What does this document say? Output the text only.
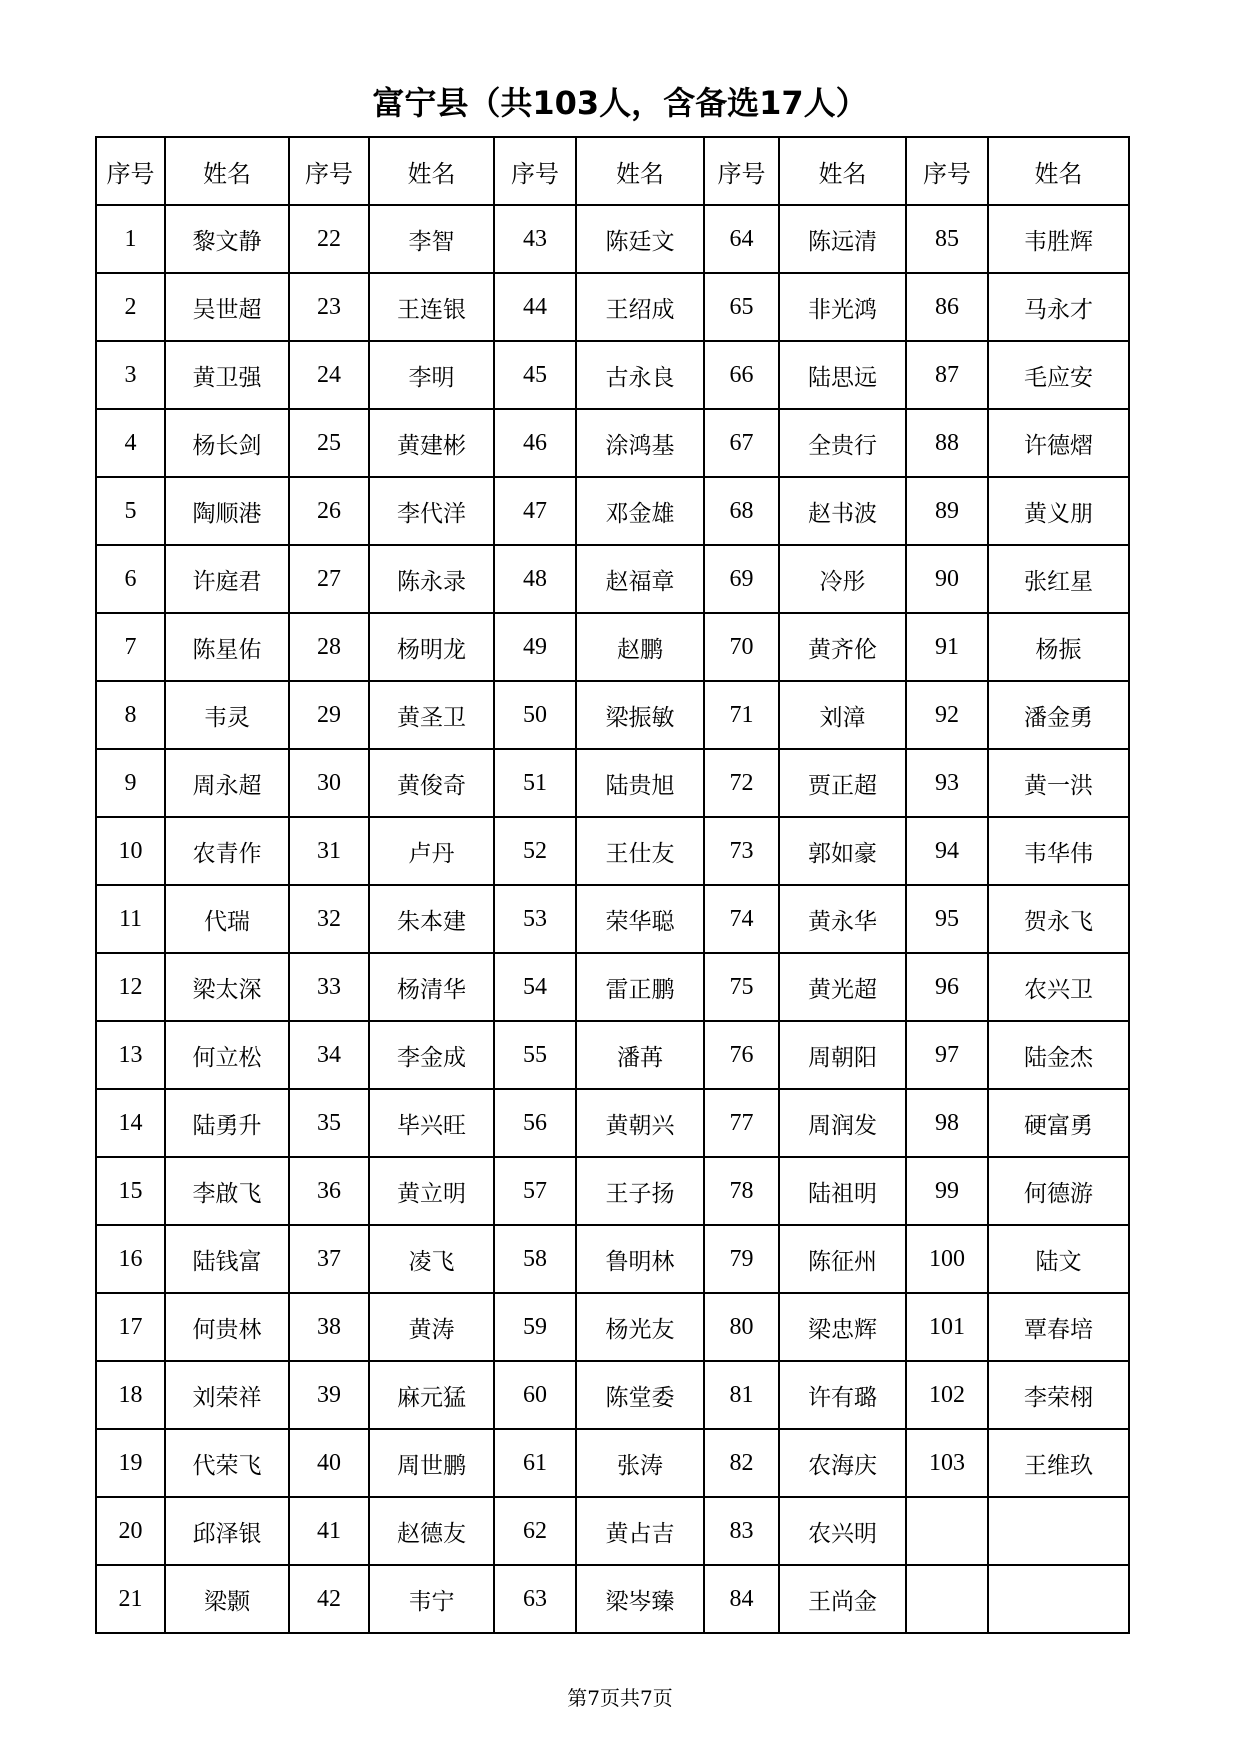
富宁县（共103人，含备选17人）
序号	姓名	序号	姓名	序号	姓名	序号	姓名	序号	姓名
1	黎文静	22	李智	43	陈廷文	64	陈远清	85	韦胜辉
2	吴世超	23	王连银	44	王绍成	65	非光鸿	86	马永才
3	黄卫强	24	李明	45	古永良	66	陆思远	87	毛应安
4	杨长剑	25	黄建彬	46	涂鸿基	67	全贵行	88	许德熠
5	陶顺港	26	李代洋	47	邓金雄	68	赵书波	89	黄义朋
6	许庭君	27	陈永录	48	赵福章	69	冷彤	90	张红星
7	陈星佑	28	杨明龙	49	赵鹏	70	黄齐伦	91	杨振
8	韦灵	29	黄圣卫	50	梁振敏	71	刘漳	92	潘金勇
9	周永超	30	黄俊奇	51	陆贵旭	72	贾正超	93	黄一洪
10	农青作	31	卢丹	52	王仕友	73	郭如豪	94	韦华伟
11	代瑞	32	朱本建	53	荣华聪	74	黄永华	95	贺永飞
12	梁太深	33	杨清华	54	雷正鹏	75	黄光超	96	农兴卫
13	何立松	34	李金成	55	潘苒	76	周朝阳	97	陆金杰
14	陆勇升	35	毕兴旺	56	黄朝兴	77	周润发	98	硬富勇
15	李啟飞	36	黄立明	57	王子扬	78	陆祖明	99	何德游
16	陆钱富	37	凌飞	58	鲁明林	79	陈征州	100	陆文
17	何贵林	38	黄涛	59	杨光友	80	梁忠辉	101	覃春培
18	刘荣祥	39	麻元猛	60	陈堂委	81	许有璐	102	李荣栩
19	代荣飞	40	周世鹏	61	张涛	82	农海庆	103	王维玖
20	邱泽银	41	赵德友	62	黄占吉	83	农兴明		
21	梁颢	42	韦宁	63	梁岑臻	84	王尚金		
第7页共7页
